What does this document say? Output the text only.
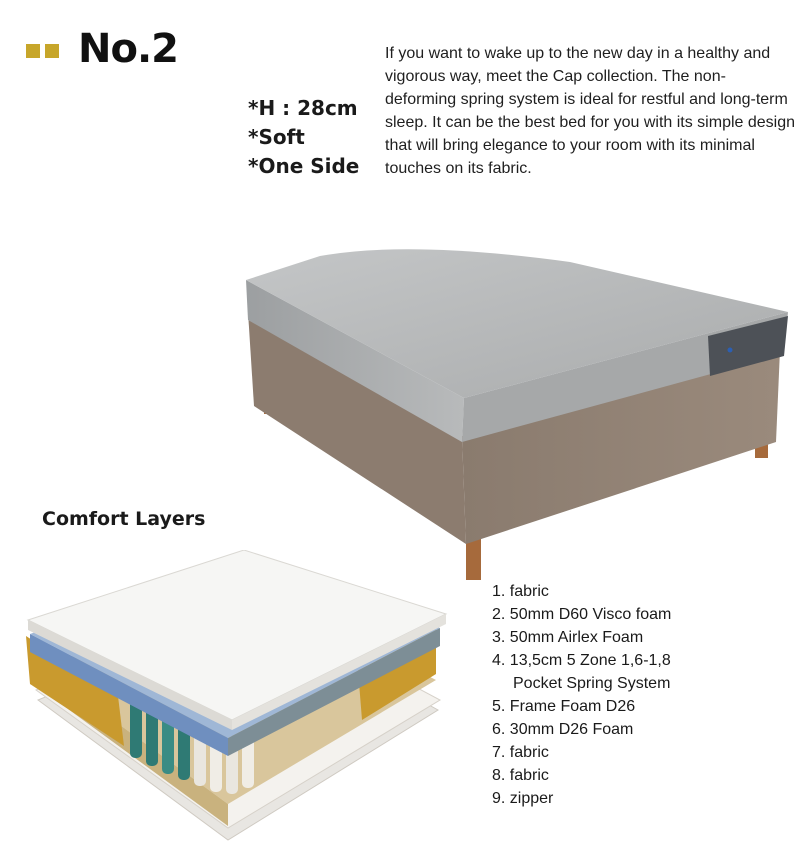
No.2
*H : 28cm
*Soft
*One Side

If you want to wake up to the new day in a healthy and vigorous way, meet the Cap collection. The non-deforming spring system is ideal for restful and long-term sleep. It can be the best bed for you with its simple design that will bring elegance to your room with its minimal touches on its fabric.

Comfort Layers
1. fabric
2. 50mm D60 Visco foam
3. 50mm Airlex Foam
4. 13,5cm 5 Zone 1,6-1,8
Pocket Spring System
5. Frame Foam D26
6. 30mm D26 Foam
7. fabric
8. fabric
9. zipper
